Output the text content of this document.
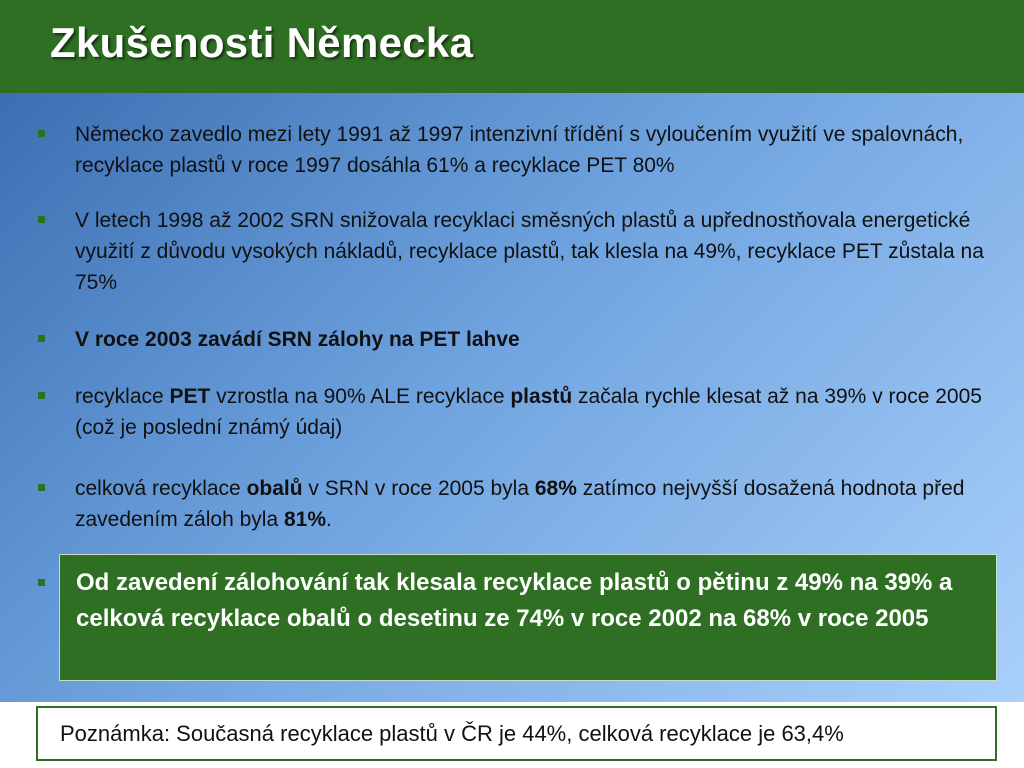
Zkušenosti Německa
Německo zavedlo mezi lety 1991 až 1997 intenzivní třídění s vyloučením využití ve spalovnách, recyklace plastů v roce 1997 dosáhla 61% a recyklace PET 80%
V letech 1998 až 2002 SRN snižovala recyklaci směsných plastů a upřednostňovala energetické využití z důvodu vysokých nákladů, recyklace plastů, tak klesla na 49%, recyklace PET zůstala na 75%
V roce 2003 zavádí SRN zálohy na PET lahve
recyklace PET vzrostla na 90% ALE recyklace plastů začala rychle klesat až na 39% v roce 2005 (což je poslední známý údaj)
celková recyklace obalů v SRN v roce 2005 byla 68% zatímco nejvyšší dosažená hodnota před zavedením záloh byla 81%.
Od zavedení zálohování tak klesala recyklace plastů o pětinu z 49% na 39% a celková recyklace obalů o desetinu ze 74% v roce 2002 na 68% v roce 2005
Poznámka: Současná recyklace plastů v ČR je 44%, celková recyklace je 63,4%
